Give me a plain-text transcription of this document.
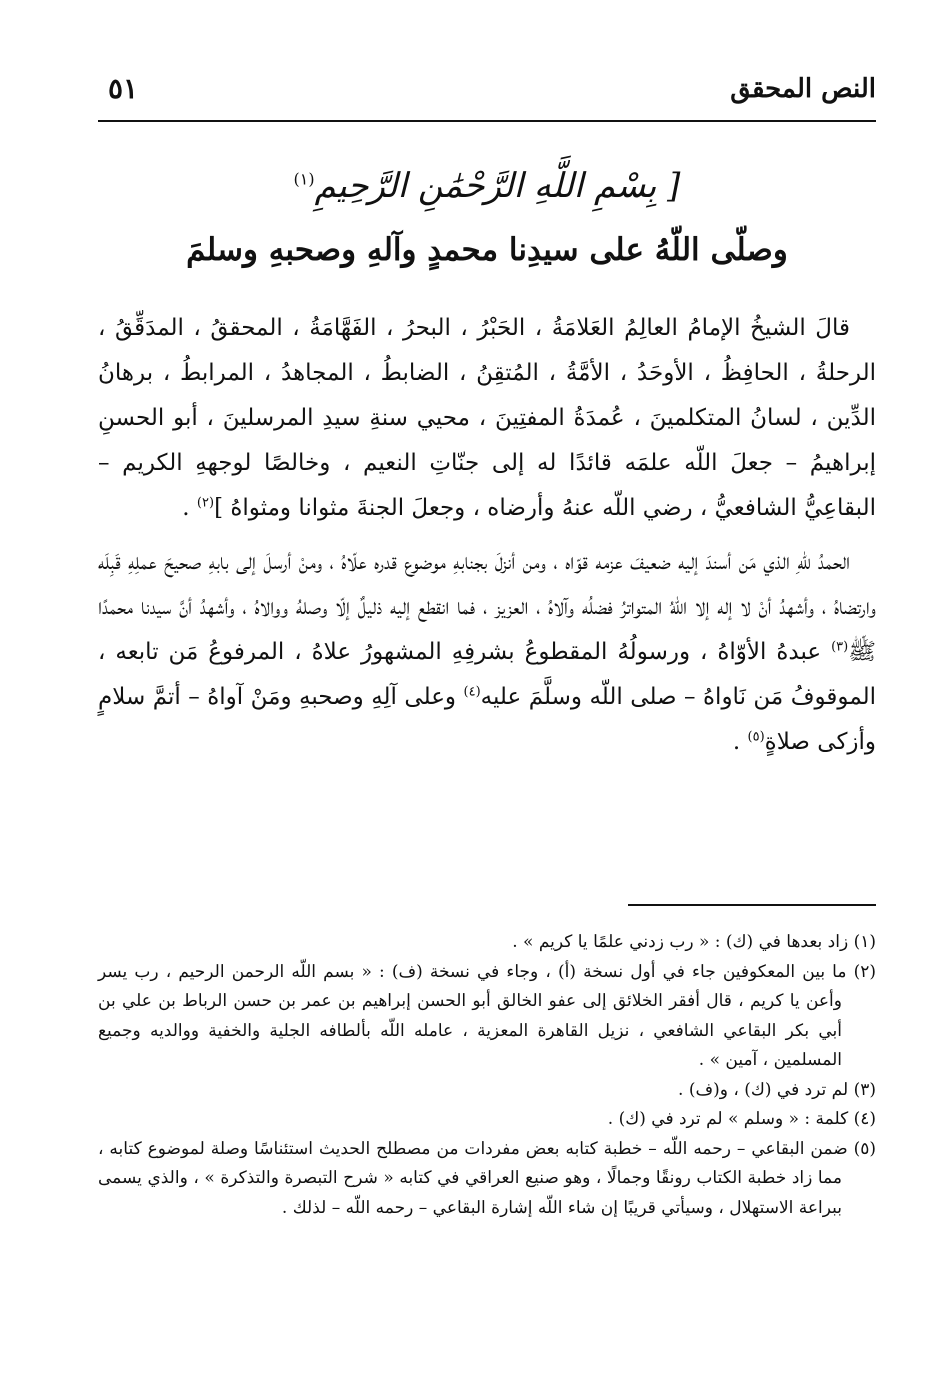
النص المحقق
٥١
[ بِسْمِ اللَّهِ الرَّحْمَٰنِ الرَّحِيمِ$^{(١)}$
وصلّى اللّهُ على سيدِنا محمدٍ وآلهِ وصحبهِ وسلمَ

قالَ الشيخُ الإمامُ العالِمُ العَلامَةُ ، الحَبْرُ ، البحرُ ، الفَهَّامَةُ ، المحققُ ، المدَقِّقُ ، الرحلةُ ، الحافِظُ ، الأوحَدُ ، الأمَّةُ ، المُتقِنُ ، الضابطُ ، المجاهدُ ، المرابطُ ، برهانُ الدِّين ، لسانُ المتكلمينَ ، عُمدَةُ المفتِينَ ، محيي سنةِ سيدِ المرسلينَ ، أبو الحسنِ إبراهيمُ – جعلَ اللّه علمَه قائدًا له إلى جنّاتِ النعيم ، وخالصًا لوجههِ الكريم – البقاعِيُّ الشافعيُّ ، رضي اللّه عنهُ وأرضاه ، وجعلَ الجنةَ مثوانا ومثواهُ ]$^{(٢)}$ .

الحمدُ للّهِ الذي مَن أسندَ إليه ضعيفَ عزمه قوّاه ، ومن أنزلَ بجنابهِ موضوع قدره علّاهُ ، ومنْ أرسلَ إلى بابهِ صحيحَ عملِهِ قَبِلَه وارتضاهُ ، وأشهدُ أنْ لا إله إلا اللّهُ المتواترُ فضلُه وآلاهُ ، العزيز ، فما انقطع إليه ذليلٌ إلّا وصلهُ ووالاهُ ، وأشهدُ أنَّ سيدنا محمدًا ﷺ$^{(٣)}$ عبدهُ الأوّاهُ ، ورسولُهُ المقطوعُ بشرفِهِ المشهورُ علاهُ ، المرفوعُ مَن تابعه ، الموقوفُ مَن نَاواهُ – صلى اللّه وسلَّمَ عليه$^{(٤)}$ وعلى آلِهِ وصحبهِ ومَنْ آواهُ – أتمَّ سلامٍ وأزكى صلاةٍ$^{(٥)}$ .

(١) زاد بعدها في (ك) : « رب زدني علمًا يا كريم » .

(٢) ما بين المعكوفين جاء في أول نسخة (أ) ، وجاء في نسخة (ف) : « بسم اللّه الرحمن الرحيم ، رب يسر وأعن يا كريم ، قال أفقر الخلائق إلى عفو الخالق أبو الحسن إبراهيم بن عمر بن حسن الرباط بن علي بن أبي بكر البقاعي الشافعي ، نزيل القاهرة المعزية ، عامله اللّه بألطافه الجلية والخفية ووالديه وجميع المسلمين ، آمين » .

(٣) لم ترد في (ك) ، و(ف) .

(٤) كلمة : « وسلم » لم ترد في (ك) .

(٥) ضمن البقاعي – رحمه اللّه – خطبة كتابه بعض مفردات من مصطلح الحديث استئناسًا وصلة لموضوع كتابه ، مما زاد خطبة الكتاب رونقًا وجمالًا ، وهو صنيع العراقي في كتابه « شرح التبصرة والتذكرة » ، والذي يسمى ببراعة الاستهلال ، وسيأتي قريبًا إن شاء اللّه إشارة البقاعي – رحمه اللّه – لذلك .
